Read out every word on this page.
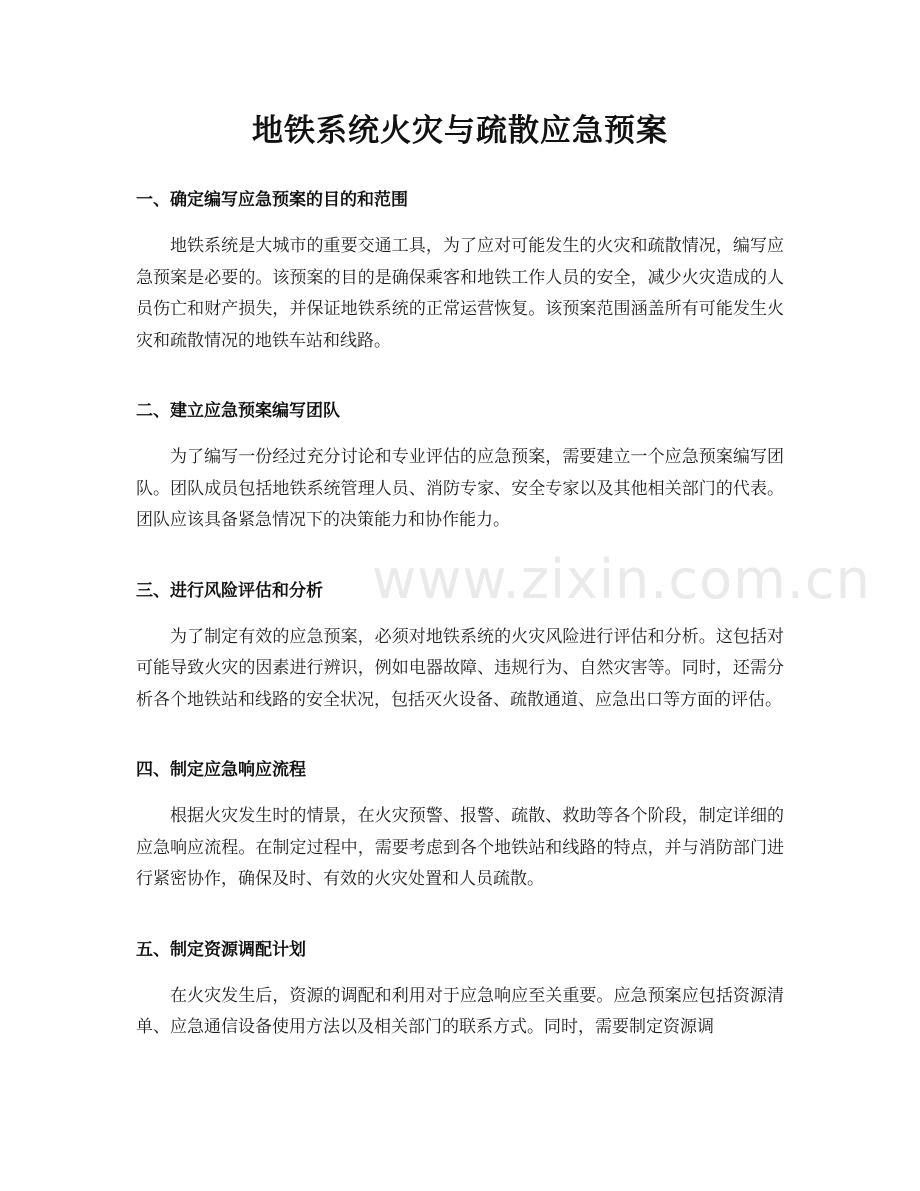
地铁系统火灾与疏散应急预案
一、确定编写应急预案的目的和范围

地铁系统是大城市的重要交通工具，为了应对可能发生的火灾和疏散情况，编写应急预案是必要的。该预案的目的是确保乘客和地铁工作人员的安全，减少火灾造成的人员伤亡和财产损失，并保证地铁系统的正常运营恢复。该预案范围涵盖所有可能发生火灾和疏散情况的地铁车站和线路。

二、建立应急预案编写团队

为了编写一份经过充分讨论和专业评估的应急预案，需要建立一个应急预案编写团队。团队成员包括地铁系统管理人员、消防专家、安全专家以及其他相关部门的代表。团队应该具备紧急情况下的决策能力和协作能力。

三、进行风险评估和分析

为了制定有效的应急预案，必须对地铁系统的火灾风险进行评估和分析。这包括对可能导致火灾的因素进行辨识，例如电器故障、违规行为、自然灾害等。同时，还需分析各个地铁站和线路的安全状况，包括灭火设备、疏散通道、应急出口等方面的评估。

四、制定应急响应流程

根据火灾发生时的情景，在火灾预警、报警、疏散、救助等各个阶段，制定详细的应急响应流程。在制定过程中，需要考虑到各个地铁站和线路的特点，并与消防部门进行紧密协作，确保及时、有效的火灾处置和人员疏散。

五、制定资源调配计划

在火灾发生后，资源的调配和利用对于应急响应至关重要。应急预案应包括资源清单、应急通信设备使用方法以及相关部门的联系方式。同时，需要制定资源调

www.zixin.com.cn
